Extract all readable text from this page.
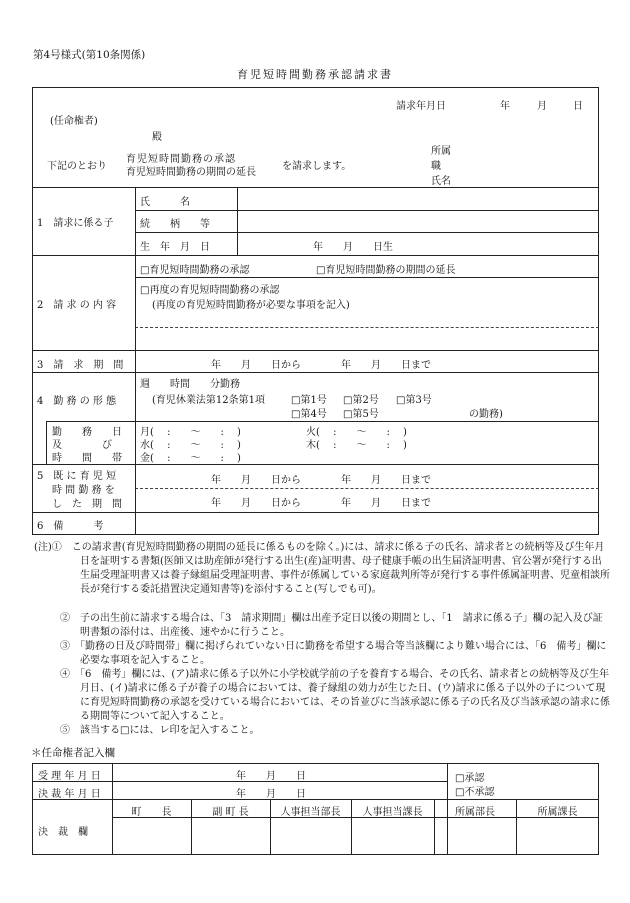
第4号様式(第10条関係)
育児短時間勤務承認請求書
請求年月日	年	月	日
(任命権者)
殿
下記のとおり
育児短時間勤務の承認
育児短時間勤務の期間の延長
を請求します。
所属
職
氏名
1　請求に係る子
氏　　　名
続　　柄　　等
生　年　月　日	年　　月　　日生
2　請 求 の 内 容
□育児短時間勤務の承認	□育児短時間勤務の期間の延長
□再度の育児短時間勤務の承認
(再度の育児短時間勤務が必要な事項を記入)
3　請　求　期　間	年　　月　　日から　　　　年　　月　　日まで
4　勤 務 の 形 態
週　　時間　　分勤務
(育児休業法第12条第1項	□第1号 □第2号 □第3号
□第4号 □第5号	の勤務)
勤　　務　　日
及　　　　び
時　　間　　帯
月(　 :　　～　　:　 )	火(　 :　　～　　:　 )
水(　 :　　～　　:　 )	木(　 :　　～　　:　 )
金(　 :　　～　　:　 )
5　既 に 育 児 短
時 間 勤 務 を
し　た　期　間
年　　月　　日から　　　　年　　月　　日まで
年　　月　　日から　　　　年　　月　　日まで
6　備　　　考
(注)①　この請求書(育児短時間勤務の期間の延長に係るものを除く。)には、請求に係る子の氏名、請求者との続柄等及び生年月日を証明する書類(医師又は助産師が発行する出生(産)証明書、母子健康手帳の出生届済証明書、官公署が発行する出生届受理証明書又は養子縁組届受理証明書、事件が係属している家庭裁判所等が発行する事件係属証明書、児童相談所長が発行する委託措置決定通知書等)を添付すること(写しでも可)。
②　子の出生前に請求する場合は、「3　請求期間」欄は出産予定日以後の期間とし、「1　請求に係る子」欄の記入及び証明書類の添付は、出産後、速やかに行うこと。
③　「勤務の日及び時間帯」欄に掲げられていない日に勤務を希望する場合等当該欄により難い場合には、「6　備考」欄に必要な事項を記入すること。
④　「6　備考」欄には、(ア)請求に係る子以外に小学校就学前の子を養育する場合、その氏名、請求者との続柄等及び生年月日、(イ)請求に係る子が養子の場合においては、養子縁組の効力が生じた日、(ウ)請求に係る子以外の子について現に育児短時間勤務の承認を受けている場合においては、その旨並びに当該承認に係る子の氏名及び当該承認の請求に係る期間等について記入すること。
⑤　該当する□には、レ印を記入すること。
＊任命権者記入欄
受 理 年 月 日
決 裁 年 月 日
年　　月　　日
年　　月　　日
□承認
□不承認
決　裁　欄
町　　長	副 町 長	人事担当部長	人事担当課長	所属部長	所属課長
